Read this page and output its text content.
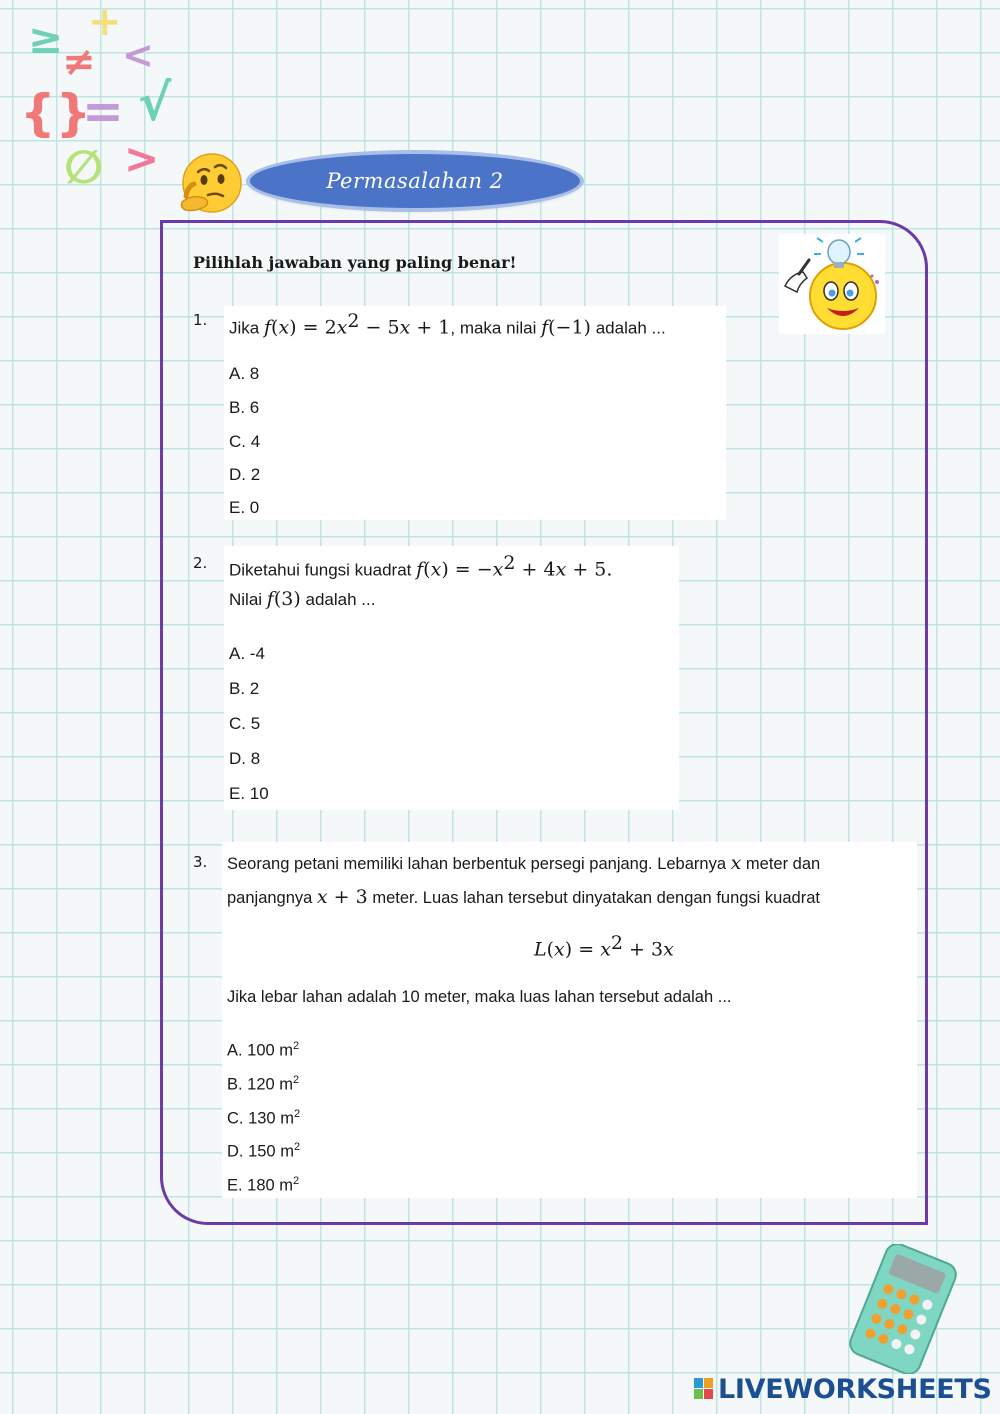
≥ +
≠ <
{}
= √
∅ >	Permasalahan 2
Pilihlah jawaban yang paling benar!
1. Jika $f(x) = 2x^2 - 5x + 1$, maka nilai f(−1) adalah ...
A. 8
B. 6
C. 4
D. 2
E. 0
2. Diketahui fungsi kuadrat $f(x) = -x^2 + 4x + 5$.
Nilai f(3) adalah ...
A. -4
B. 2
C. 5
D. 8
E. 10
3. Seorang petani memiliki lahan berbentuk persegi panjang. Lebarnya x meter dan
panjangnya x + 3 meter. Luas lahan tersebut dinyatakan dengan fungsi kuadrat
$L(x) = x^2 + 3x$
Jika lebar lahan adalah 10 meter, maka luas lahan tersebut adalah ...
A. 100 $m^2$
B. 120 $m^2$
C. 130 $m^2$
D. 150 $m^2$
E. 180 $m^2$
LIVEWORKSHEETS
